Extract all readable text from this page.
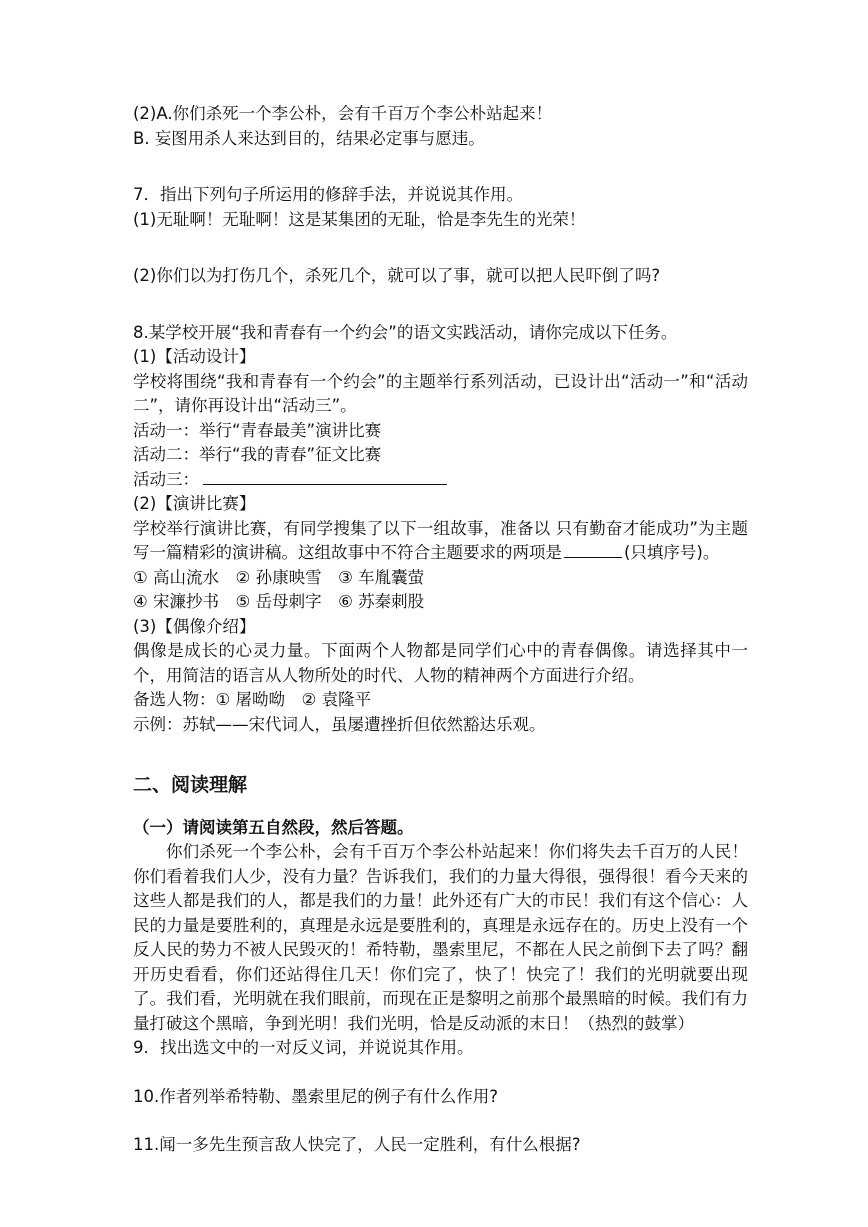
(2)A.你们杀死一个李公朴，会有千百万个李公朴站起来！

B. 妄图用杀人来达到目的，结果必定事与愿违。

7．指出下列句子所运用的修辞手法，并说说其作用。

(1)无耻啊！无耻啊！这是某集团的无耻，恰是李先生的光荣！

(2)你们以为打伤几个，杀死几个，就可以了事，就可以把人民吓倒了吗?

8.某学校开展“我和青春有一个约会”的语文实践活动，请你完成以下任务。

(1)【活动设计】

学校将围绕“我和青春有一个约会”的主题举行系列活动，已设计出“活动一”和“活动二”，请你再设计出“活动三”。

活动一：举行“青春最美”演讲比赛

活动二：举行“我的青春”征文比赛

活动三：

(2)【演讲比赛】

学校举行演讲比赛，有同学搜集了以下一组故事，准备以 只有勤奋才能成功”为主题写一篇精彩的演讲稿。这组故事中不符合主题要求的两项是	(只填序号)。

① 高山流水　② 孙康映雪　③ 车胤囊萤

④ 宋濂抄书　⑤ 岳母刺字　⑥ 苏秦刺股

(3)【偶像介绍】

偶像是成长的心灵力量。下面两个人物都是同学们心中的青春偶像。请选择其中一个，用简洁的语言从人物所处的时代、人物的精神两个方面进行介绍。

备选人物：① 屠呦呦　② 袁隆平

示例：苏轼——宋代词人，虽屡遭挫折但依然豁达乐观。

二、阅读理解

（一）请阅读第五自然段，然后答题。

你们杀死一个李公朴，会有千百万个李公朴站起来！你们将失去千百万的人民！你们看着我们人少，没有力量？告诉我们，我们的力量大得很，强得很！看今天来的这些人都是我们的人，都是我们的力量！此外还有广大的市民！我们有这个信心：人民的力量是要胜利的，真理是永远是要胜利的，真理是永远存在的。历史上没有一个反人民的势力不被人民毁灭的！希特勒，墨索里尼，不都在人民之前倒下去了吗？翻开历史看看，你们还站得住几天！你们完了，快了！快完了！我们的光明就要出现了。我们看，光明就在我们眼前，而现在正是黎明之前那个最黑暗的时候。我们有力量打破这个黑暗，争到光明！我们光明，恰是反动派的末日！（热烈的鼓掌）

9．找出选文中的一对反义词，并说说其作用。

10.作者列举希特勒、墨索里尼的例子有什么作用?

11.闻一多先生预言敌人快完了，人民一定胜利，有什么根据?
